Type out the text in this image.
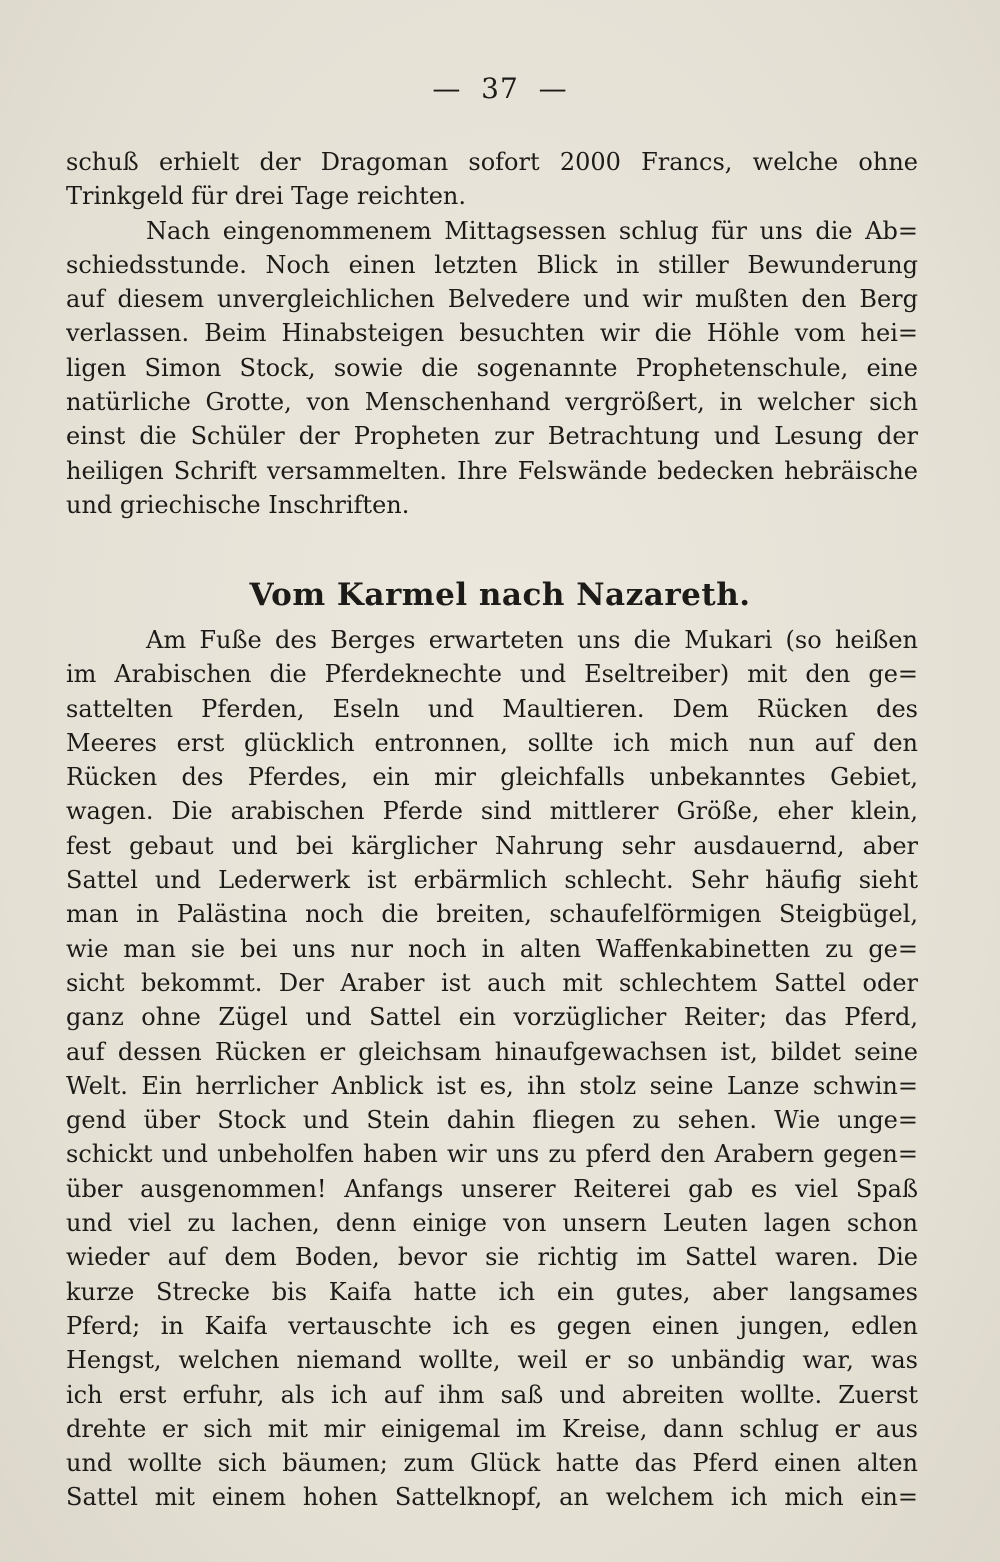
—  37  —
schuß erhielt der Dragoman sofort 2000 Francs, welche ohne
Trinkgeld für drei Tage reichten.
Nach eingenommenem Mittagsessen schlug für uns die Ab=
schiedsstunde. Noch einen letzten Blick in stiller Bewunderung
auf diesem unvergleichlichen Belvedere und wir mußten den Berg
verlassen. Beim Hinabsteigen besuchten wir die Höhle vom hei=
ligen Simon Stock, sowie die sogenannte Prophetenschule, eine
natürliche Grotte, von Menschenhand vergrößert, in welcher sich
einst die Schüler der Propheten zur Betrachtung und Lesung der
heiligen Schrift versammelten. Ihre Felswände bedecken hebräische
und griechische Inschriften.
Vom Karmel nach Nazareth.
Am Fuße des Berges erwarteten uns die Mukari (so heißen
im Arabischen die Pferdeknechte und Eseltreiber) mit den ge=
sattelten Pferden, Eseln und Maultieren. Dem Rücken des
Meeres erst glücklich entronnen, sollte ich mich nun auf den
Rücken des Pferdes, ein mir gleichfalls unbekanntes Gebiet,
wagen. Die arabischen Pferde sind mittlerer Größe, eher klein,
fest gebaut und bei kärglicher Nahrung sehr ausdauernd, aber
Sattel und Lederwerk ist erbärmlich schlecht. Sehr häufig sieht
man in Palästina noch die breiten, schaufelförmigen Steigbügel,
wie man sie bei uns nur noch in alten Waffenkabinetten zu ge=
sicht bekommt. Der Araber ist auch mit schlechtem Sattel oder
ganz ohne Zügel und Sattel ein vorzüglicher Reiter; das Pferd,
auf dessen Rücken er gleichsam hinaufgewachsen ist, bildet seine
Welt. Ein herrlicher Anblick ist es, ihn stolz seine Lanze schwin=
gend über Stock und Stein dahin fliegen zu sehen. Wie unge=
schickt und unbeholfen haben wir uns zu pferd den Arabern gegen=
über ausgenommen! Anfangs unserer Reiterei gab es viel Spaß
und viel zu lachen, denn einige von unsern Leuten lagen schon
wieder auf dem Boden, bevor sie richtig im Sattel waren. Die
kurze Strecke bis Kaifa hatte ich ein gutes, aber langsames
Pferd; in Kaifa vertauschte ich es gegen einen jungen, edlen
Hengst, welchen niemand wollte, weil er so unbändig war, was
ich erst erfuhr, als ich auf ihm saß und abreiten wollte. Zuerst
drehte er sich mit mir einigemal im Kreise, dann schlug er aus
und wollte sich bäumen; zum Glück hatte das Pferd einen alten
Sattel mit einem hohen Sattelknopf, an welchem ich mich ein=
